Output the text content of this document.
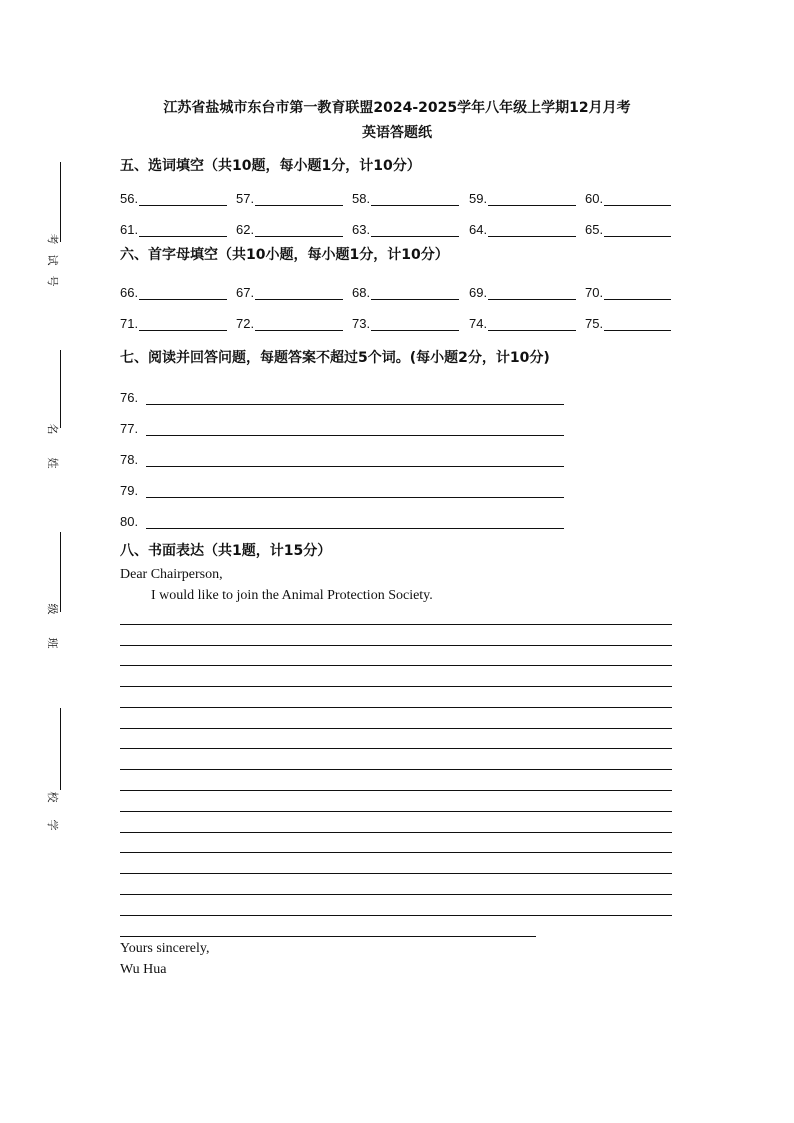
考
试
号
姓
名
班
级
学
校
江苏省盐城市东台市第一教育联盟2024-2025学年八年级上学期12月月考
英语答题纸
五、选词填空（共10题，每小题1分，计10分）
56.	57.	58.	59.	60.
61.	62.	63.	64.	65.
六、首字母填空（共10小题，每小题1分，计10分）
66.	67.	68.	69.	70.
71.	72.	73.	74.	75.
七、阅读并回答问题，每题答案不超过5个词。(每小题2分，计10分)
76.
77.
78.
79.
80.
八、书面表达（共1题，计15分）
Dear Chairperson,
I would like to join the Animal Protection Society.
Yours sincerely,
Wu Hua
